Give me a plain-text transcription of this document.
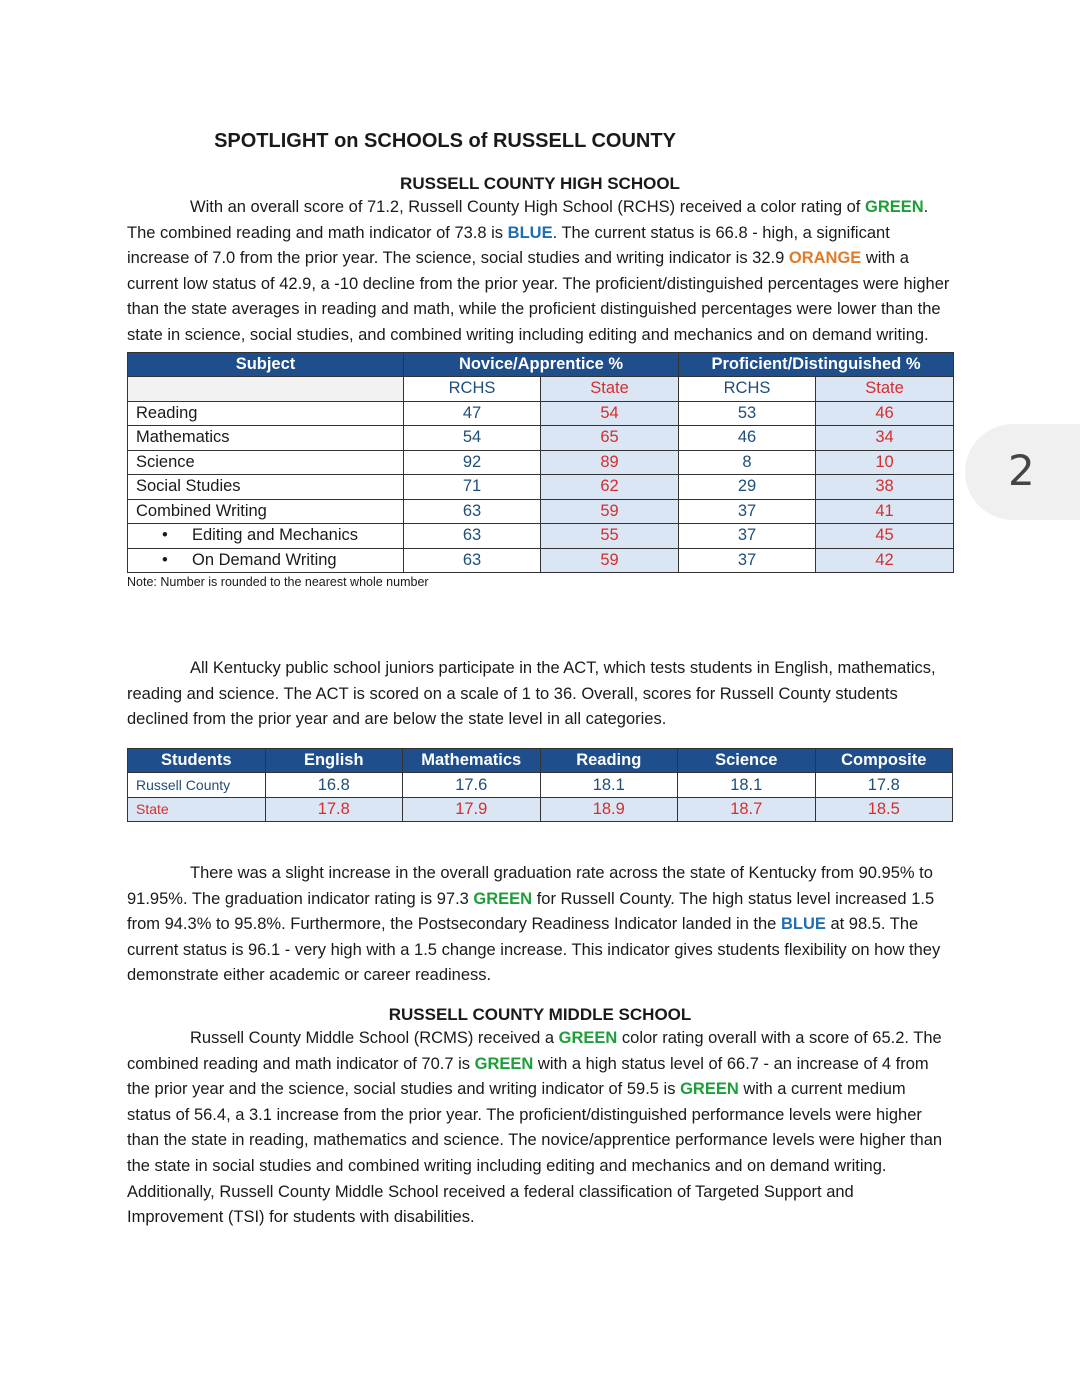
SPOTLIGHT on SCHOOLS of RUSSELL COUNTY
2
RUSSELL COUNTY HIGH SCHOOL

With an overall score of 71.2, Russell County High School (RCHS) received a color rating of GREEN. The combined reading and math indicator of 73.8 is BLUE. The current status is 66.8 - high, a significant increase of 7.0 from the prior year. The science, social studies and writing indicator is 32.9 ORANGE with a current low status of 42.9, a -10 decline from the prior year. The proficient/distinguished percentages were higher than the state averages in reading and math, while the proficient distinguished percentages were lower than the state in science, social studies, and combined writing including editing and mechanics and on demand writing.

Subject	Novice/Apprentice %		Proficient/Distinguished %	
	RCHS	State	RCHS	State
Reading	47	54	53	46
Mathematics	54	65	46	34
Science	92	89	8	10
Social Studies	71	62	29	38
Combined Writing	63	59	37	41
• Editing and Mechanics	63	55	37	45
• On Demand Writing	63	59	37	42
Note: Number is rounded to the nearest whole number

All Kentucky public school juniors participate in the ACT, which tests students in English, mathematics, reading and science. The ACT is scored on a scale of 1 to 36. Overall, scores for Russell County students declined from the prior year and are below the state level in all categories.

Students	English	Mathematics	Reading	Science	Composite
Russell County	16.8	17.6	18.1	18.1	17.8
State	17.8	17.9	18.9	18.7	18.5

There was a slight increase in the overall graduation rate across the state of Kentucky from 90.95% to 91.95%. The graduation indicator rating is 97.3 GREEN for Russell County. The high status level increased 1.5 from 94.3% to 95.8%. Furthermore, the Postsecondary Readiness Indicator landed in the BLUE at 98.5. The current status is 96.1 - very high with a 1.5 change increase. This indicator gives students flexibility on how they demonstrate either academic or career readiness.

RUSSELL COUNTY MIDDLE SCHOOL

Russell County Middle School (RCMS) received a GREEN color rating overall with a score of 65.2. The combined reading and math indicator of 70.7 is GREEN with a high status level of 66.7 - an increase of 4 from the prior year and the science, social studies and writing indicator of 59.5 is GREEN with a current medium status of 56.4, a 3.1 increase from the prior year. The proficient/distinguished performance levels were higher than the state in reading, mathematics and science. The novice/apprentice performance levels were higher than the state in social studies and combined writing including editing and mechanics and on demand writing. Additionally, Russell County Middle School received a federal classification of Targeted Support and Improvement (TSI) for students with disabilities.
